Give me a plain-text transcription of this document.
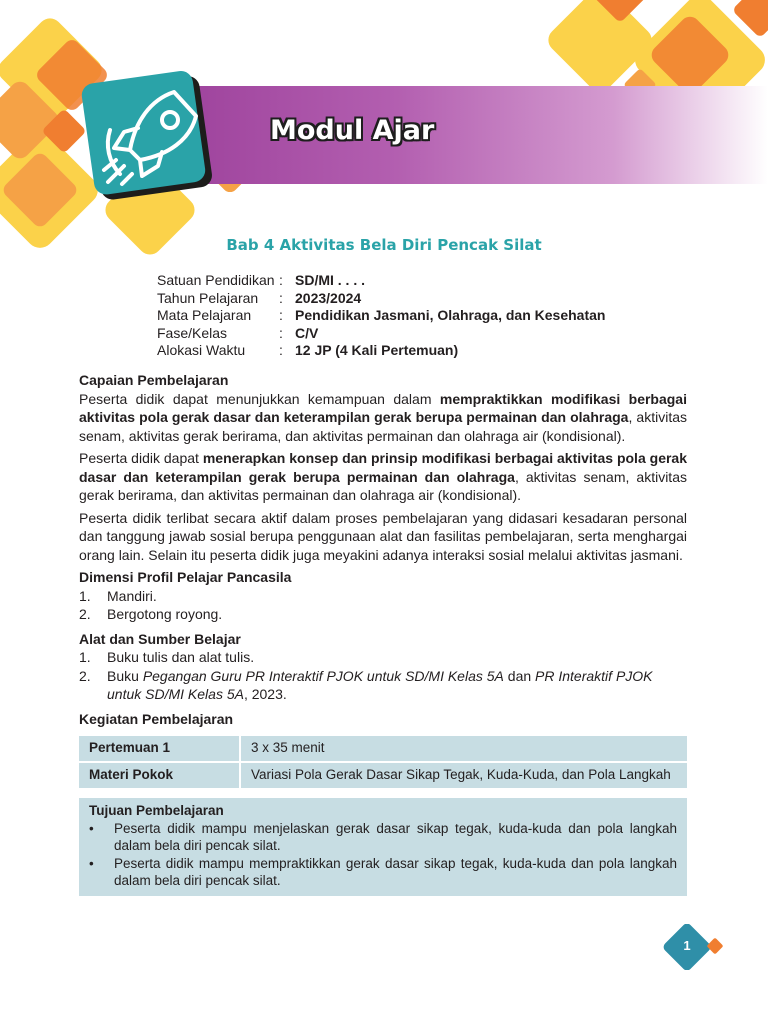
Modul Ajar
Bab 4 Aktivitas Bela Diri Pencak Silat
Satuan Pendidikan : SD/MI . . . .
Tahun Pelajaran	: 2023/2024
Mata Pelajaran	: Pendidikan Jasmani, Olahraga, dan Kesehatan
Fase/Kelas	: C/V
Alokasi Waktu	: 12 JP (4 Kali Pertemuan)

Capaian Pembelajaran

Peserta didik dapat menunjukkan kemampuan dalam mempraktikkan modifikasi berbagai aktivitas pola gerak dasar dan keterampilan gerak berupa permainan dan olahraga, aktivitas senam, aktivitas gerak berirama, dan aktivitas permainan dan olahraga air (kondisional).

Peserta didik dapat menerapkan konsep dan prinsip modifikasi berbagai aktivitas pola gerak dasar dan keterampilan gerak berupa permainan dan olahraga, aktivitas senam, aktivitas gerak berirama, dan aktivitas permainan dan olahraga air (kondisional).

Peserta didik terlibat secara aktif dalam proses pembelajaran yang didasari kesadaran personal dan tanggung jawab sosial berupa penggunaan alat dan fasilitas pembelajaran, serta menghargai orang lain. Selain itu peserta didik juga meyakini adanya interaksi sosial melalui aktivitas jasmani.

Dimensi Profil Pelajar Pancasila

1.	Mandiri.
2.	Bergotong royong.

Alat dan Sumber Belajar

1.	Buku tulis dan alat tulis.
2.	Buku Pegangan Guru PR Interaktif PJOK untuk SD/MI Kelas 5A dan PR Interaktif PJOK untuk SD/MI Kelas 5A, 2023.

Kegiatan Pembelajaran

Pertemuan 1	3 x 35 menit
Materi Pokok	Variasi Pola Gerak Dasar Sikap Tegak, Kuda-Kuda, dan Pola Langkah
Tujuan Pembelajaran
•	Peserta didik mampu menjelaskan gerak dasar sikap tegak, kuda-kuda dan pola langkah dalam bela diri pencak silat.
•	Peserta didik mampu mempraktikkan gerak dasar sikap tegak, kuda-kuda dan pola langkah dalam bela diri pencak silat.
1
